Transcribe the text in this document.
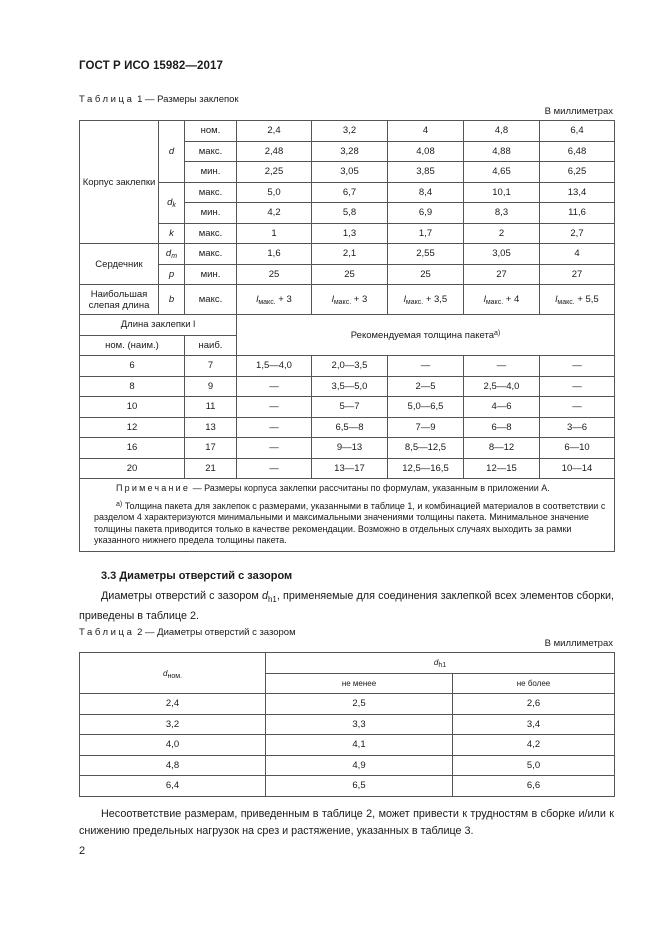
ГОСТ Р ИСО 15982—2017
Таблица 1 — Размеры заклепок
В миллиметрах
Корпус заклепки	d	ном.	2,4	3,2	4	4,8	6,4
		макс.	2,48	3,28	4,08	4,88	6,48
		мин.	2,25	3,05	3,85	4,65	6,25
	$d_k$	макс.	5,0	6,7	8,4	10,1	13,4
		мин.	4,2	5,8	6,9	8,3	11,6
	k	макс.	1	1,3	1,7	2	2,7
Сердечник	$d_m$	макс.	1,6	2,1	2,55	3,05	4
	p	мин.	25	25	25	27	27
Наибольшая слепая длина	b	макс.	$l_{макс.} + 3$	$l_{макс.} + 3$	$l_{макс.} + 3,5$	$l_{макс.} + 4$	$l_{макс.} + 5,5$
Длина заклепки l			Рекомендуемая толщина пакета$^{а)}$
ном. (наим.)		наиб.					
6		7	1,5—4,0	2,0—3,5	—	—	—
8		9	—	3,5—5,0	2—5	2,5—4,0	—
10		11	—	5—7	5,0—6,5	4—6	—
12		13	—	6,5—8	7—9	6—8	3—6
16		17	—	9—13	8,5—12,5	8—12	6—10
20		21	—	13—17	12,5—16,5	12—15	10—14

Примечание — Размеры корпуса заклепки рассчитаны по формулам, указанным в приложении А.
$^{а)}$ Толщина пакета для заклепок с размерами, указанными в таблице 1, и комбинацией материалов в соответствии с разделом 4 характеризуются минимальными и максимальными значениями толщины пакета. Минимальное значение толщины пакета приводится только в качестве рекомендации. Возможно в отдельных случаях выходить за рамки указанного нижнего предела толщины пакета.							
3.3 Диаметры отверстий с зазором
Диаметры отверстий с зазором $d_{h1}$, применяемые для соединения заклепкой всех элементов сборки, приведены в таблице 2.
Таблица 2 — Диаметры отверстий с зазором
В миллиметрах
$d_{ном.}$	$d_{h1}$
	не менее	не более
2,4	2,5	2,6
3,2	3,3	3,4
4,0	4,1	4,2
4,8	4,9	5,0
6,4	6,5	6,6
Несоответствие размерам, приведенным в таблице 2, может привести к трудностям в сборке и/или к снижению предельных нагрузок на срез и растяжение, указанных в таблице 3.
2
